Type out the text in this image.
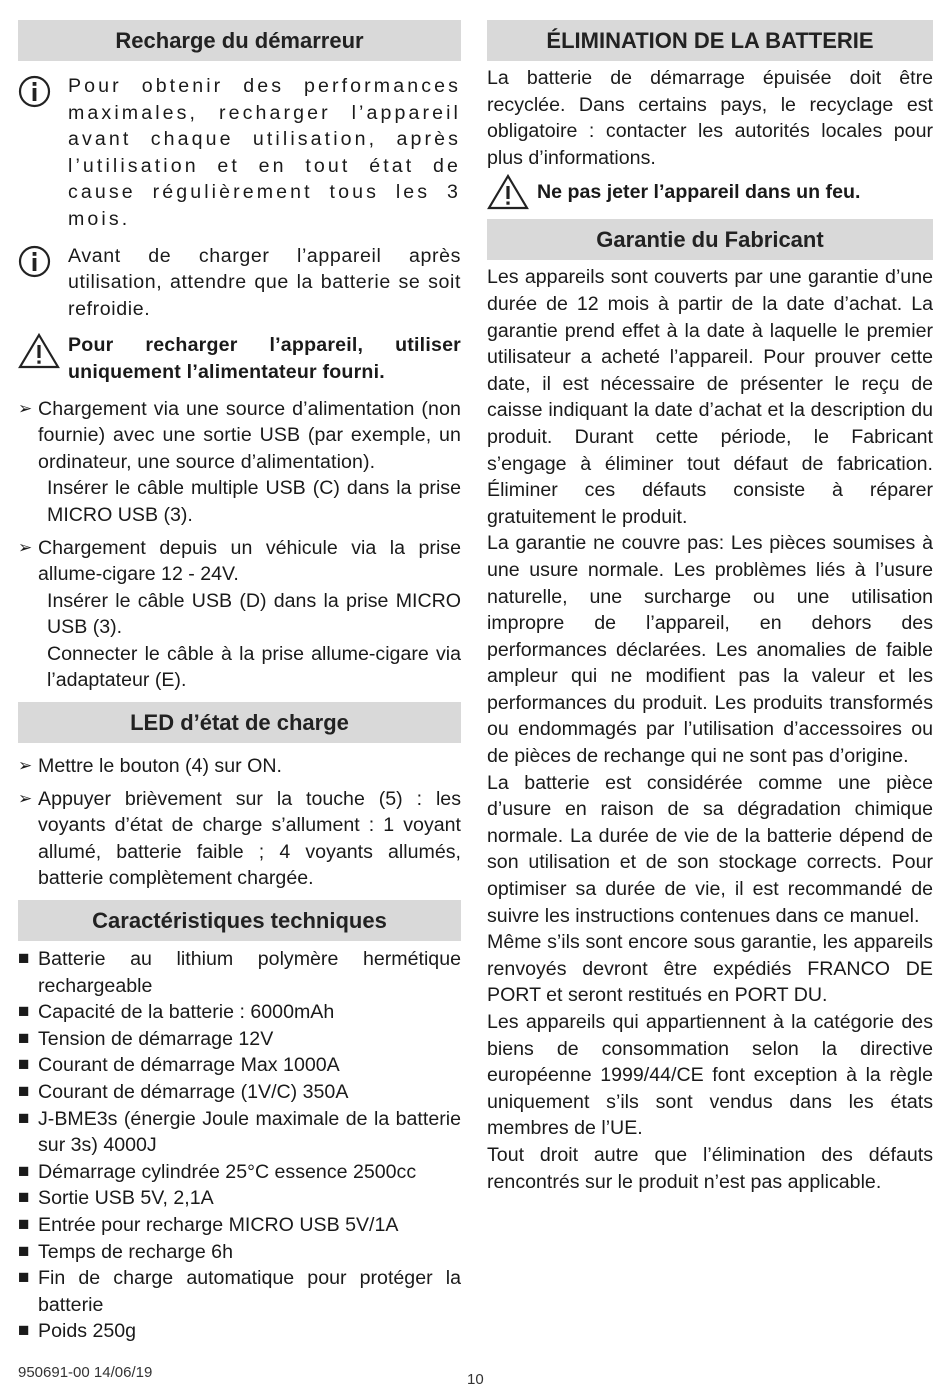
Recharge du démarreur

Pour obtenir des performances maximales, recharger l’appareil avant chaque utilisation, après l’utilisation et en tout état de cause régulièrement tous les 3 mois.

Avant de charger l’appareil après utilisation, attendre que la batterie se soit refroidie.

Pour recharger l’appareil, utiliser uniquement l’alimentateur fourni.

➢ Chargement via une source d’alimentation (non fournie) avec une sortie USB (par exemple, un ordinateur, une source d’alimentation).

Insérer le câble multiple USB (C) dans la prise MICRO USB (3).

➢ Chargement depuis un véhicule via la prise allume-cigare 12 - 24V.

Insérer le câble USB (D) dans la prise MICRO USB (3).

Connecter le câble à la prise allume-cigare via l’adaptateur (E).

LED d’état de charge
➢ Mettre le bouton (4) sur ON.

➢ Appuyer brièvement sur la touche (5) : les voyants d’état de charge s’allument : 1 voyant allumé, batterie faible ; 4 voyants allumés, batterie complètement chargée.

Caractéristiques techniques
■ Batterie au lithium polymère hermétique rechargeable

■ Capacité de la batterie : 6000mAh

■ Tension de démarrage 12V

■ Courant de démarrage Max 1000A

■ Courant de démarrage (1V/C) 350A

■ J-BME3s (énergie Joule maximale de la batterie sur 3s) 4000J

■ Démarrage cylindrée 25°C essence 2500cc

■ Sortie USB 5V, 2,1A

■ Entrée pour recharge MICRO USB 5V/1A

■ Temps de recharge 6h

■ Fin de charge automatique pour protéger la batterie

■ Poids 250g

ÉLIMINATION DE LA BATTERIE

La batterie de démarrage épuisée doit être recyclée. Dans certains pays, le recyclage est obligatoire : contacter les autorités locales pour plus d’informations.

Ne pas jeter l’appareil dans un feu.

Garantie du Fabricant

Les appareils sont couverts par une garantie d’une durée de 12 mois à partir de la date d’achat. La garantie prend effet à la date à laquelle le premier utilisateur a acheté l’appareil. Pour prouver cette date, il est nécessaire de présenter le reçu de caisse indiquant la date d’achat et la description du produit. Durant cette période, le Fabricant s’engage à éliminer tout défaut de fabrication. Éliminer ces défauts consiste à réparer gratuitement le produit.

La garantie ne couvre pas: Les pièces soumises à une usure normale. Les problèmes liés à l’usure naturelle, une surcharge ou une utilisation impropre de l’appareil, en dehors des performances déclarées. Les anomalies de faible ampleur qui ne modifient pas la valeur et les performances du produit. Les produits transformés ou endommagés par l’utilisation d’accessoires ou de pièces de rechange qui ne sont pas d’origine.

La batterie est considérée comme une pièce d’usure en raison de sa dégradation chimique normale. La durée de vie de la batterie dépend de son utilisation et de son stockage corrects. Pour optimiser sa durée de vie, il est recommandé de suivre les instructions contenues dans ce manuel.

Même s’ils sont encore sous garantie, les appareils renvoyés devront être expédiés FRANCO DE PORT et seront restitués en PORT DU.

Les appareils qui appartiennent à la catégorie des biens de consommation selon la directive européenne 1999/44/CE font exception à la règle uniquement s’ils sont vendus dans les états membres de l’UE.

Tout droit autre que l’élimination des défauts rencontrés sur le produit n’est pas applicable.

950691-00 14/06/19	10
